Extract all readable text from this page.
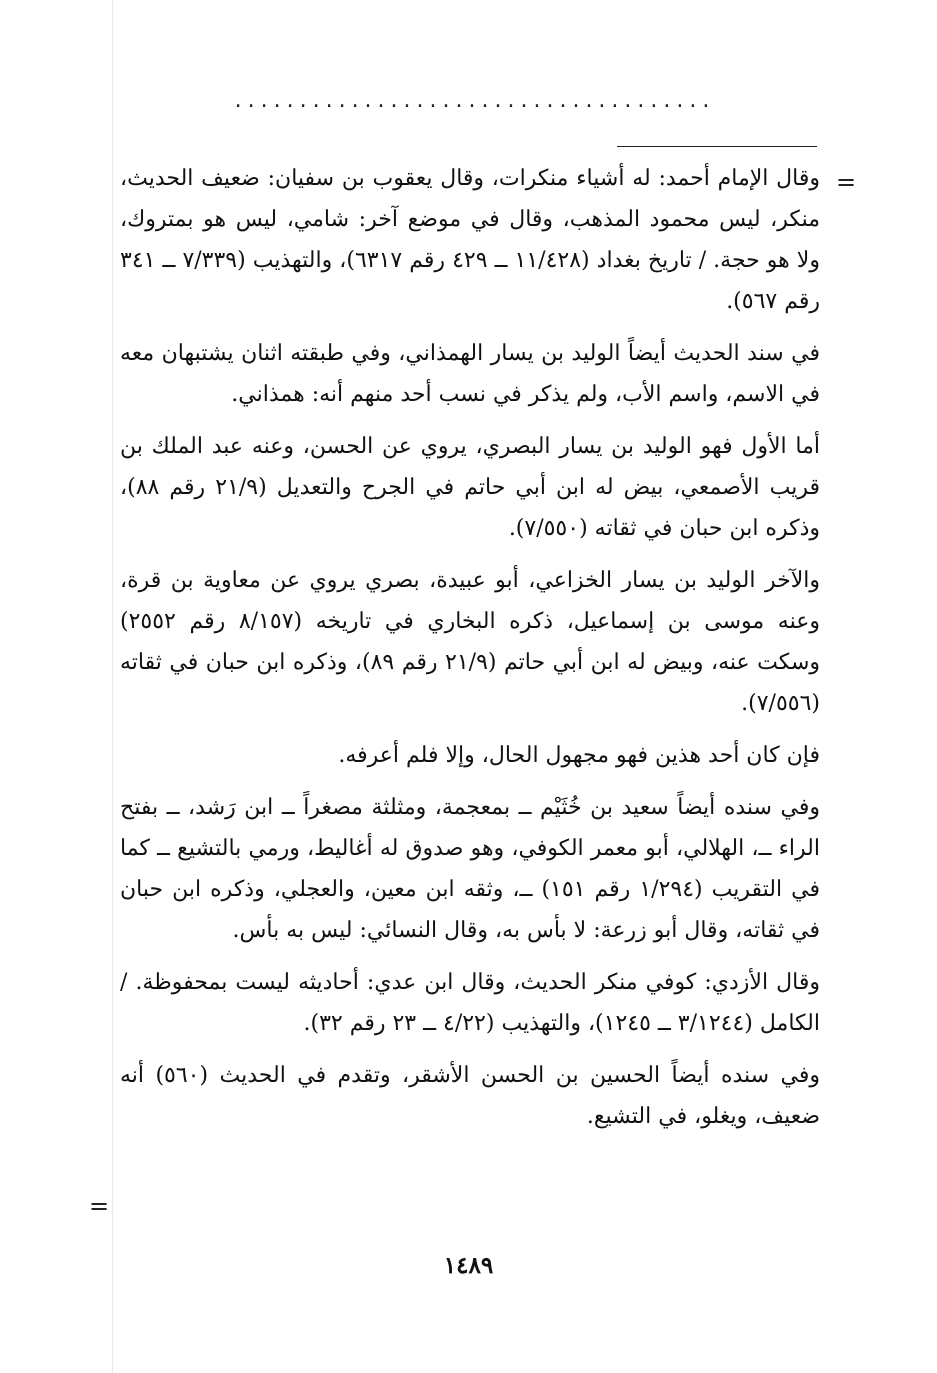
.....................................
=

وقال الإمام أحمد: له أشياء منكرات، وقال يعقوب بن سفيان: ضعيف الحديث، منكر، ليس محمود المذهب، وقال في موضع آخر: شامي، ليس هو بمتروك، ولا هو حجة. / تاريخ بغداد (١١/٤٢٨ ــ ٤٢٩ رقم ٦٣١٧)، والتهذيب (٧/٣٣٩ ــ ٣٤١ رقم ٥٦٧).

في سند الحديث أيضاً الوليد بن يسار الهمذاني، وفي طبقته اثنان يشتبهان معه في الاسم، واسم الأب، ولم يذكر في نسب أحد منهم أنه: همذاني.

أما الأول فهو الوليد بن يسار البصري، يروي عن الحسن، وعنه عبد الملك بن قريب الأصمعي، بيض له ابن أبي حاتم في الجرح والتعديل (٢١/٩ رقم ٨٨)، وذكره ابن حبان في ثقاته (٧/٥٥٠).

والآخر الوليد بن يسار الخزاعي، أبو عبيدة، بصري يروي عن معاوية بن قرة، وعنه موسى بن إسماعيل، ذكره البخاري في تاريخه (٨/١٥٧ رقم ٢٥٥٢) وسكت عنه، وبيض له ابن أبي حاتم (٢١/٩ رقم ٨٩)، وذكره ابن حبان في ثقاته (٧/٥٥٦).

فإن كان أحد هذين فهو مجهول الحال، وإلا فلم أعرفه.

وفي سنده أيضاً سعيد بن خُثَيْم ــ بمعجمة، ومثلثة مصغراً ــ ابن رَشد، ــ بفتح الراء ــ، الهلالي، أبو معمر الكوفي، وهو صدوق له أغاليط، ورمي بالتشيع ــ كما في التقريب (١/٢٩٤ رقم ١٥١) ــ، وثقه ابن معين، والعجلي، وذكره ابن حبان في ثقاته، وقال أبو زرعة: لا بأس به، وقال النسائي: ليس به بأس.

وقال الأزدي: كوفي منكر الحديث، وقال ابن عدي: أحاديثه ليست بمحفوظة. / الكامل (٣/١٢٤٤ ــ ١٢٤٥)، والتهذيب (٤/٢٢ ــ ٢٣ رقم ٣٢).

وفي سنده أيضاً الحسين بن الحسن الأشقر، وتقدم في الحديث (٥٦٠) أنه ضعيف، ويغلو، في التشيع.

=
١٤٨٩
